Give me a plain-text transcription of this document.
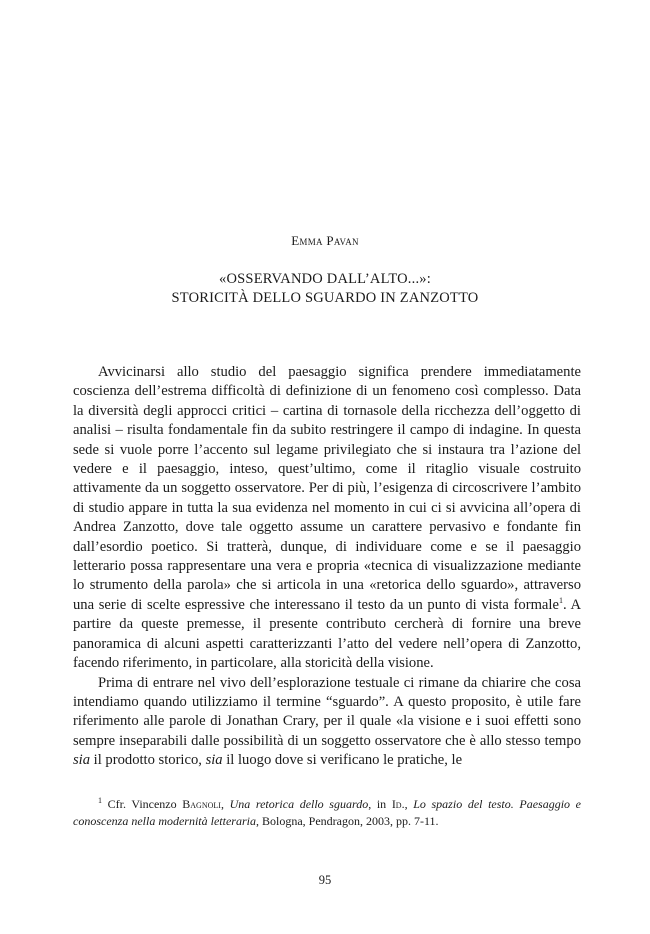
Emma Pavan
«OSSERVANDO DALL’ALTO...»:
STORICITÀ DELLO SGUARDO IN ZANZOTTO

Avvicinarsi allo studio del paesaggio significa prendere immediatamente coscienza dell’estrema difficoltà di definizione di un fenomeno così complesso. Data la diversità degli approcci critici – cartina di tornasole della ricchezza dell’oggetto di analisi – risulta fondamentale fin da subito restringere il campo di indagine. In questa sede si vuole porre l’accento sul legame privilegiato che si instaura tra l’azione del vedere e il paesaggio, inteso, quest’ultimo, come il ritaglio visuale costruito attivamente da un soggetto osservatore. Per di più, l’esigenza di circoscrivere l’ambito di studio appare in tutta la sua evidenza nel momento in cui ci si avvicina all’opera di Andrea Zanzotto, dove tale oggetto assume un carattere pervasivo e fondante fin dall’esordio poetico. Si tratterà, dunque, di individuare come e se il paesaggio letterario possa rappresentare una vera e propria «tecnica di visualizzazione mediante lo strumento della parola» che si articola in una «retorica dello sguardo», attraverso una serie di scelte espressive che interessano il testo da un punto di vista formale$^1$. A partire da queste premesse, il presente contributo cercherà di fornire una breve panoramica di alcuni aspetti caratterizzanti l’atto del vedere nell’opera di Zanzotto, facendo riferimento, in particolare, alla storicità della visione.

Prima di entrare nel vivo dell’esplorazione testuale ci rimane da chiarire che cosa intendiamo quando utilizziamo il termine “sguardo”. A questo proposito, è utile fare riferimento alle parole di Jonathan Crary, per il quale «la visione e i suoi effetti sono sempre inseparabili dalle possibilità di un soggetto osservatore che è allo stesso tempo sia il prodotto storico, sia il luogo dove si verificano le pratiche, le

$^1$ Cfr. Vincenzo Bagnoli, Una retorica dello sguardo, in Id., Lo spazio del testo. Paesaggio e conoscenza nella modernità letteraria, Bologna, Pendragon, 2003, pp. 7-11.

95
